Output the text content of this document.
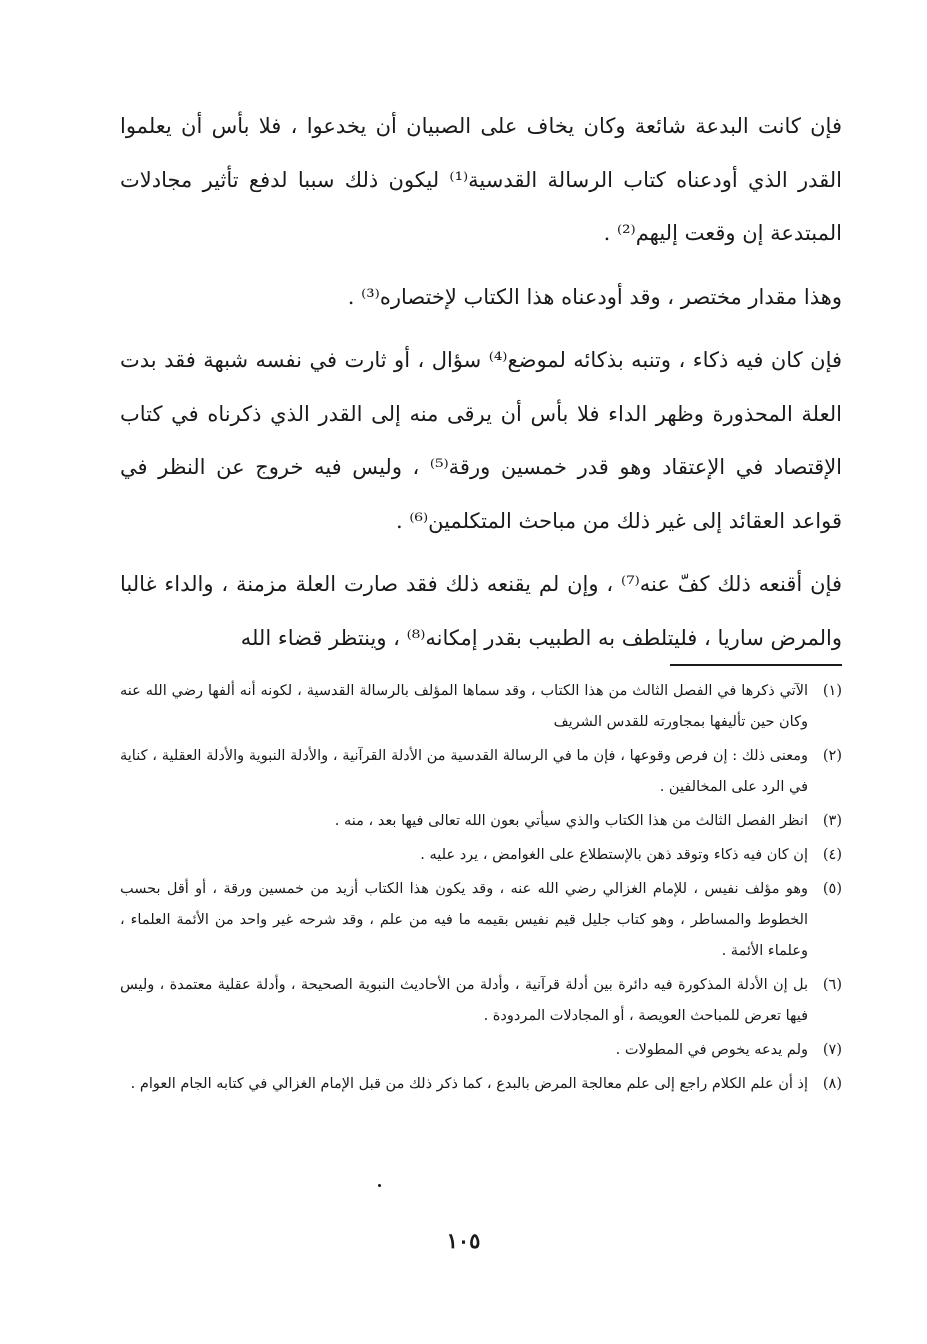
فإن كانت البدعة شائعة وكان يخاف على الصبيان أن يخدعوا ، فلا بأس أن يعلموا القدر الذي أودعناه كتاب الرسالة القدسية⁽¹⁾ ليكون ذلك سببا لدفع تأثير مجادلات المبتدعة إن وقعت إليهم⁽²⁾ .

وهذا مقدار مختصر ، وقد أودعناه هذا الكتاب لإختصاره⁽³⁾ .

فإن كان فيه ذكاء ، وتنبه بذكائه لموضع⁽⁴⁾ سؤال ، أو ثارت في نفسه شبهة فقد بدت العلة المحذورة وظهر الداء فلا بأس أن يرقى منه إلى القدر الذي ذكرناه في كتاب الإقتصاد في الإعتقاد وهو قدر خمسين ورقة⁽⁵⁾ ، وليس فيه خروج عن النظر في قواعد العقائد إلى غير ذلك من مباحث المتكلمين⁽⁶⁾ .

فإن أقنعه ذلك كفّ عنه⁽⁷⁾ ، وإن لم يقنعه ذلك فقد صارت العلة مزمنة ، والداء غالبا والمرض ساريا ، فليتلطف به الطبيب بقدر إمكانه⁽⁸⁾ ، وينتظر قضاء الله

(١)
الآتي ذكرها في الفصل الثالث من هذا الكتاب ، وقد سماها المؤلف بالرسالة القدسية ، لكونه أنه ألفها رضي الله عنه وكان حين تأليفها بمجاورته للقدس الشريف
(٢)
ومعنى ذلك : إن فرص وقوعها ، فإن ما في الرسالة القدسية من الأدلة القرآنية ، والأدلة النبوية والأدلة العقلية ، كناية في الرد على المخالفين .
(٣)
انظر الفصل الثالث من هذا الكتاب والذي سيأتي بعون الله تعالى فيها بعد ، منه .
(٤)
إن كان فيه ذكاء وتوقد ذهن بالإستطلاع على الغوامض ، يرد عليه .
(٥)
وهو مؤلف نفيس ، للإمام الغزالي رضي الله عنه ، وقد يكون هذا الكتاب أزيد من خمسين ورقة ، أو أقل بحسب الخطوط والمساطر ، وهو كتاب جليل قيم نفيس بقيمه ما فيه من علم ، وقد شرحه غير واحد من الأئمة العلماء ، وعلماء الأئمة .
(٦)
بل إن الأدلة المذكورة فيه دائرة بين أدلة قرآنية ، وأدلة من الأحاديث النبوية الصحيحة ، وأدلة عقلية معتمدة ، وليس فيها تعرض للمباحث العويصة ، أو المجادلات المردودة .
(٧)
ولم يدعه يخوص في المطولات .
(٨)
إذ أن علم الكلام راجع إلى علم معالجة المرض بالبدع ، كما ذكر ذلك من قبل الإمام الغزالي في كتابه الجام العوام .
١٠٥
